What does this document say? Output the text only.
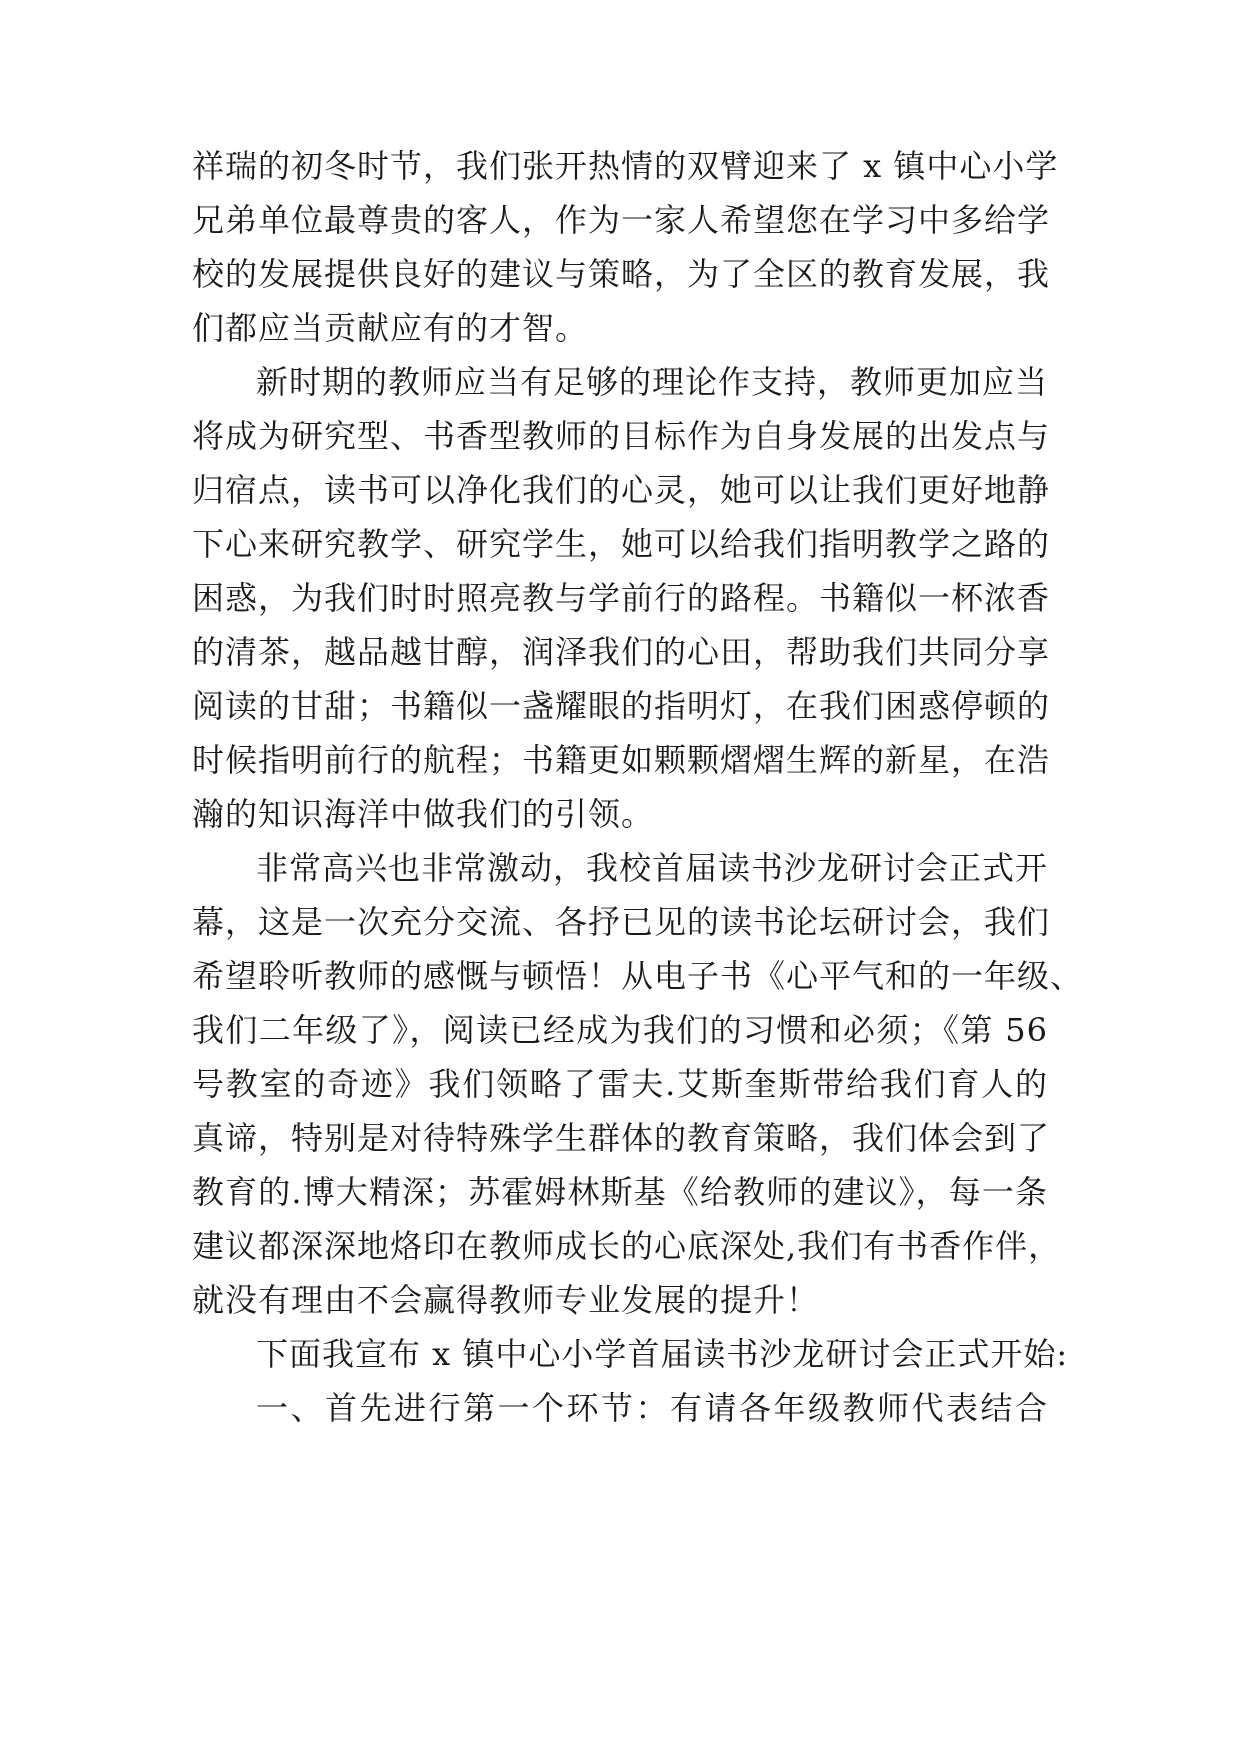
祥瑞的初冬时节，我们张开热情的双臂迎来了 x 镇中心小学
兄弟单位最尊贵的客人，作为一家人希望您在学习中多给学
校的发展提供良好的建议与策略，为了全区的教育发展，我
们都应当贡献应有的才智。
新时期的教师应当有足够的理论作支持，教师更加应当
将成为研究型、书香型教师的目标作为自身发展的出发点与
归宿点，读书可以净化我们的心灵，她可以让我们更好地静
下心来研究教学、研究学生，她可以给我们指明教学之路的
困惑，为我们时时照亮教与学前行的路程。书籍似一杯浓香
的清茶，越品越甘醇，润泽我们的心田，帮助我们共同分享
阅读的甘甜；书籍似一盏耀眼的指明灯，在我们困惑停顿的
时候指明前行的航程；书籍更如颗颗熠熠生辉的新星，在浩
瀚的知识海洋中做我们的引领。
非常高兴也非常激动，我校首届读书沙龙研讨会正式开
幕，这是一次充分交流、各抒已见的读书论坛研讨会，我们
希望聆听教师的感慨与顿悟！从电子书《心平气和的一年级、
我们二年级了》，阅读已经成为我们的习惯和必须；《第 56
号教室的奇迹》我们领略了雷夫.艾斯奎斯带给我们育人的
真谛，特别是对待特殊学生群体的教育策略，我们体会到了
教育的.博大精深；苏霍姆林斯基《给教师的建议》，每一条
建议都深深地烙印在教师成长的心底深处,我们有书香作伴，
就没有理由不会赢得教师专业发展的提升！
下面我宣布 x 镇中心小学首届读书沙龙研讨会正式开始:
一、首先进行第一个环节：有请各年级教师代表结合
